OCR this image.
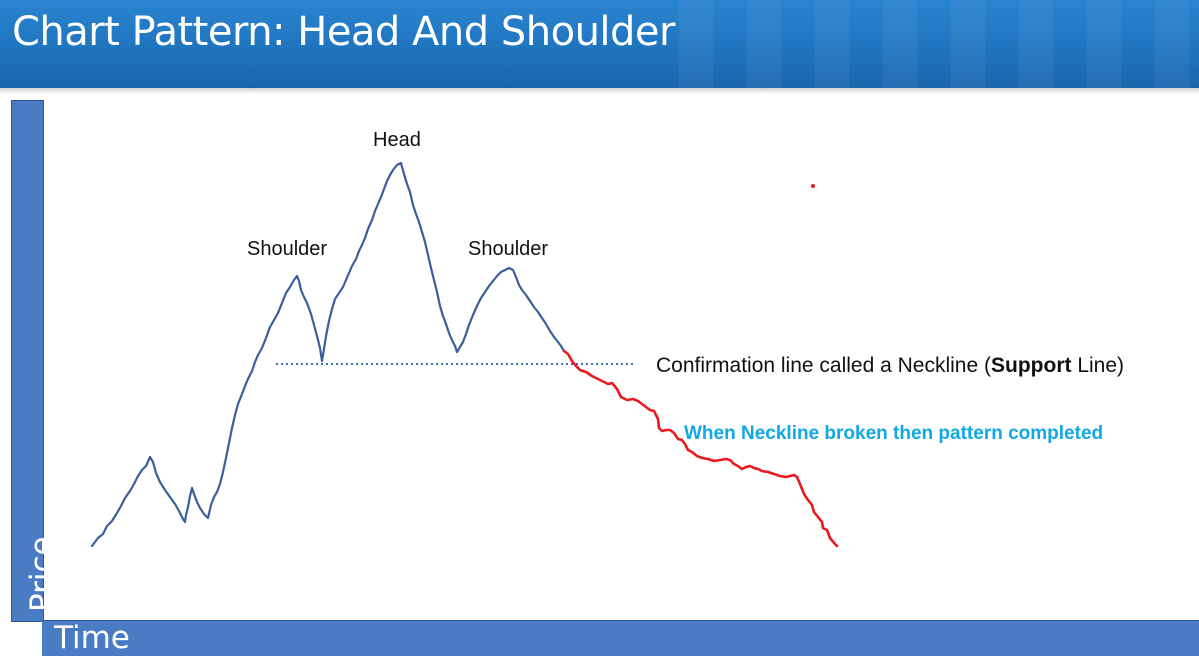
Chart Pattern: Head And Shoulder
Price
Time
Shoulder
Head
Shoulder
Confirmation line called a Neckline (Support Line)
When Neckline broken then pattern completed
